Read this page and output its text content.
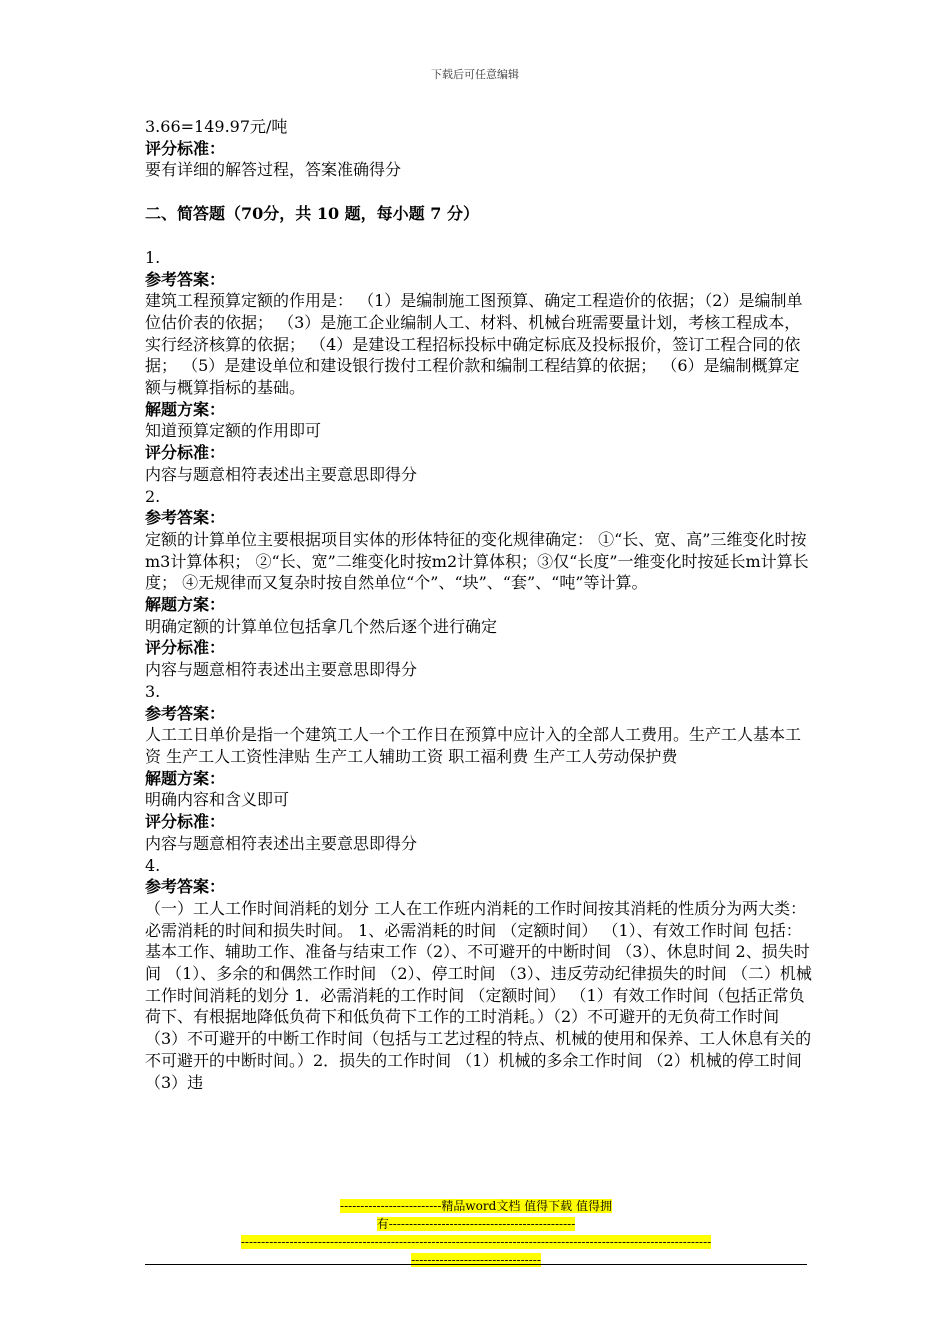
下载后可任意编辑

3.66=149.97元/吨

评分标准：

要有详细的解答过程，答案准确得分

二、简答题（70分，共 10 题，每小题 7 分）

1.

参考答案：

建筑工程预算定额的作用是： （1）是编制施工图预算、确定工程造价的依据；（2）是编制单位估价表的依据； （3）是施工企业编制人工、材料、机械台班需要量计划，考核工程成本，实行经济核算的依据； （4）是建设工程招标投标中确定标底及投标报价，签订工程合同的依据； （5）是建设单位和建设银行拨付工程价款和编制工程结算的依据； （6）是编制概算定额与概算指标的基础。

解题方案：

知道预算定额的作用即可

评分标准：

内容与题意相符表述出主要意思即得分

2.

参考答案：

定额的计算单位主要根据项目实体的形体特征的变化规律确定： ①“长、宽、高”三维变化时按m3计算体积； ②“长、宽”二维变化时按m2计算体积；③仅“长度”一维变化时按延长m计算长度； ④无规律而又复杂时按自然单位“个”、“块”、“套”、“吨”等计算。

解题方案：

明确定额的计算单位包括拿几个然后逐个进行确定

评分标准：

内容与题意相符表述出主要意思即得分

3.

参考答案：

人工工日单价是指一个建筑工人一个工作日在预算中应计入的全部人工费用。生产工人基本工资 生产工人工资性津贴 生产工人辅助工资 职工福利费 生产工人劳动保护费

解题方案：

明确内容和含义即可

评分标准：

内容与题意相符表述出主要意思即得分

4.

参考答案：

（一）工人工作时间消耗的划分 工人在工作班内消耗的工作时间按其消耗的性质分为两大类：必需消耗的时间和损失时间。 1、必需消耗的时间 （定额时间） （1）、有效工作时间 包括：基本工作、辅助工作、准备与结束工作（2）、不可避开的中断时间 （3）、休息时间 2、损失时间 （1）、多余的和偶然工作时间 （2）、停工时间 （3）、违反劳动纪律损失的时间 （二）机械工作时间消耗的划分 1．必需消耗的工作时间 （定额时间） （1）有效工作时间（包括正常负荷下、有根据地降低负荷下和低负荷下工作的工时消耗。）（2）不可避开的无负荷工作时间 （3）不可避开的中断工作时间（包括与工艺过程的特点、机械的使用和保养、工人休息有关的不可避开的中断时间。）2．损失的工作时间 （1）机械的多余工作时间 （2）机械的停工时间 （3）违

-------------------------精品word文档 值得下载 值得拥
有----------------------------------------------
--------------------------------------------------------------------------------------------------------------------
--------------------------------
